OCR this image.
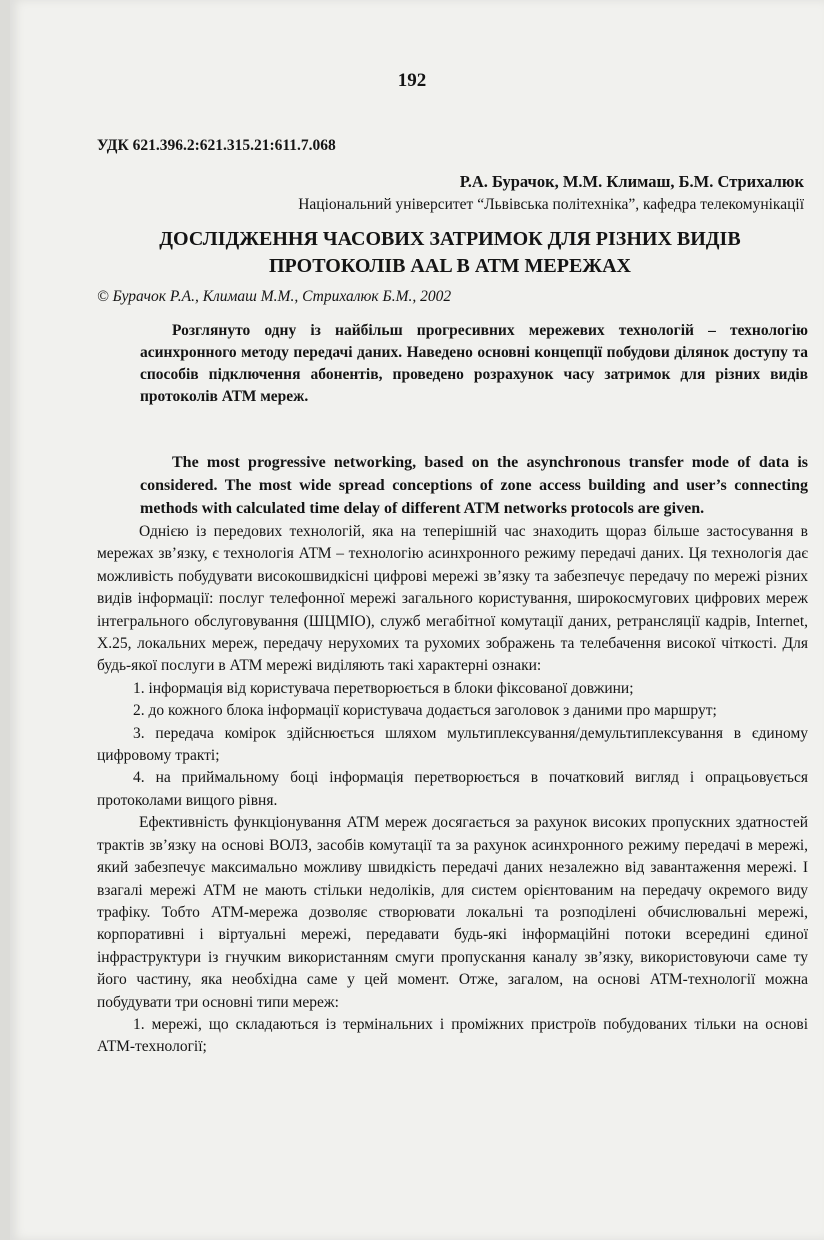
192
УДК 621.396.2:621.315.21:611.7.068
Р.А. Бурачок, М.М. Климаш, Б.М. Стрихалюк
Національний університет “Львівська політехніка”, кафедра телекомунікації
ДОСЛІДЖЕННЯ ЧАСОВИХ ЗАТРИМОК ДЛЯ РІЗНИХ ВИДІВ
ПРОТОКОЛІВ AAL В АТМ МЕРЕЖАХ
© Бурачок Р.А., Климаш М.М., Стрихалюк Б.М., 2002

Розглянуто одну із найбільш прогресивних мережевих технологій – технологію асинхронного методу передачі даних. Наведено основні концепції побудови ділянок доступу та способів підключення абонентів, проведено розрахунок часу затримок для різних видів протоколів АТМ мереж.

The most progressive networking, based on the asynchronous transfer mode of data is considered. The most wide spread conceptions of zone access building and user’s connecting methods with calculated time delay of different ATM networks protocols are given.

Однією із передових технологій, яка на теперішній час знаходить щораз більше застосування в мережах зв’язку, є технологія АТМ – технологію асинхронного режиму передачі даних. Ця технологія дає можливість побудувати високошвидкісні цифрові мережі зв’язку та забезпечує передачу по мережі різних видів інформації: послуг телефонної мережі загального користування, широкосмугових цифрових мереж інтегрального обслуговування (ШЦМІО), служб мегабітної комутації даних, ретрансляції кадрів, Internet, X.25, локальних мереж, передачу нерухомих та рухомих зображень та телебачення високої чіткості. Для будь-якої послуги в АТМ мережі виділяють такі характерні ознаки:

1. інформація від користувача перетворюється в блоки фіксованої довжини;

2. до кожного блока інформації користувача додається заголовок з даними про маршрут;

3. передача комірок здійснюється шляхом мультиплексування/демультиплексування в єдиному цифровому тракті;

4. на приймальному боці інформація перетворюється в початковий вигляд і опрацьовується протоколами вищого рівня.

Ефективність функціонування АТМ мереж досягається за рахунок високих пропускних здатностей трактів зв’язку на основі ВОЛЗ, засобів комутації та за рахунок асинхронного режиму передачі в мережі, який забезпечує максимально можливу швидкість передачі даних незалежно від завантаження мережі. І взагалі мережі АТМ не мають стільки недоліків, для систем орієнтованим на передачу окремого виду трафіку. Тобто АТМ-мережа дозволяє створювати локальні та розподілені обчислювальні мережі, корпоративні і віртуальні мережі, передавати будь-які інформаційні потоки всередині єдиної інфраструктури із гнучким використанням смуги пропускання каналу зв’язку, використовуючи саме ту його частину, яка необхідна саме у цей момент. Отже, загалом, на основі АТМ-технології можна побудувати три основні типи мереж:

1. мережі, що складаються із термінальних і проміжних пристроїв побудованих тільки на основі АТМ-технології;
